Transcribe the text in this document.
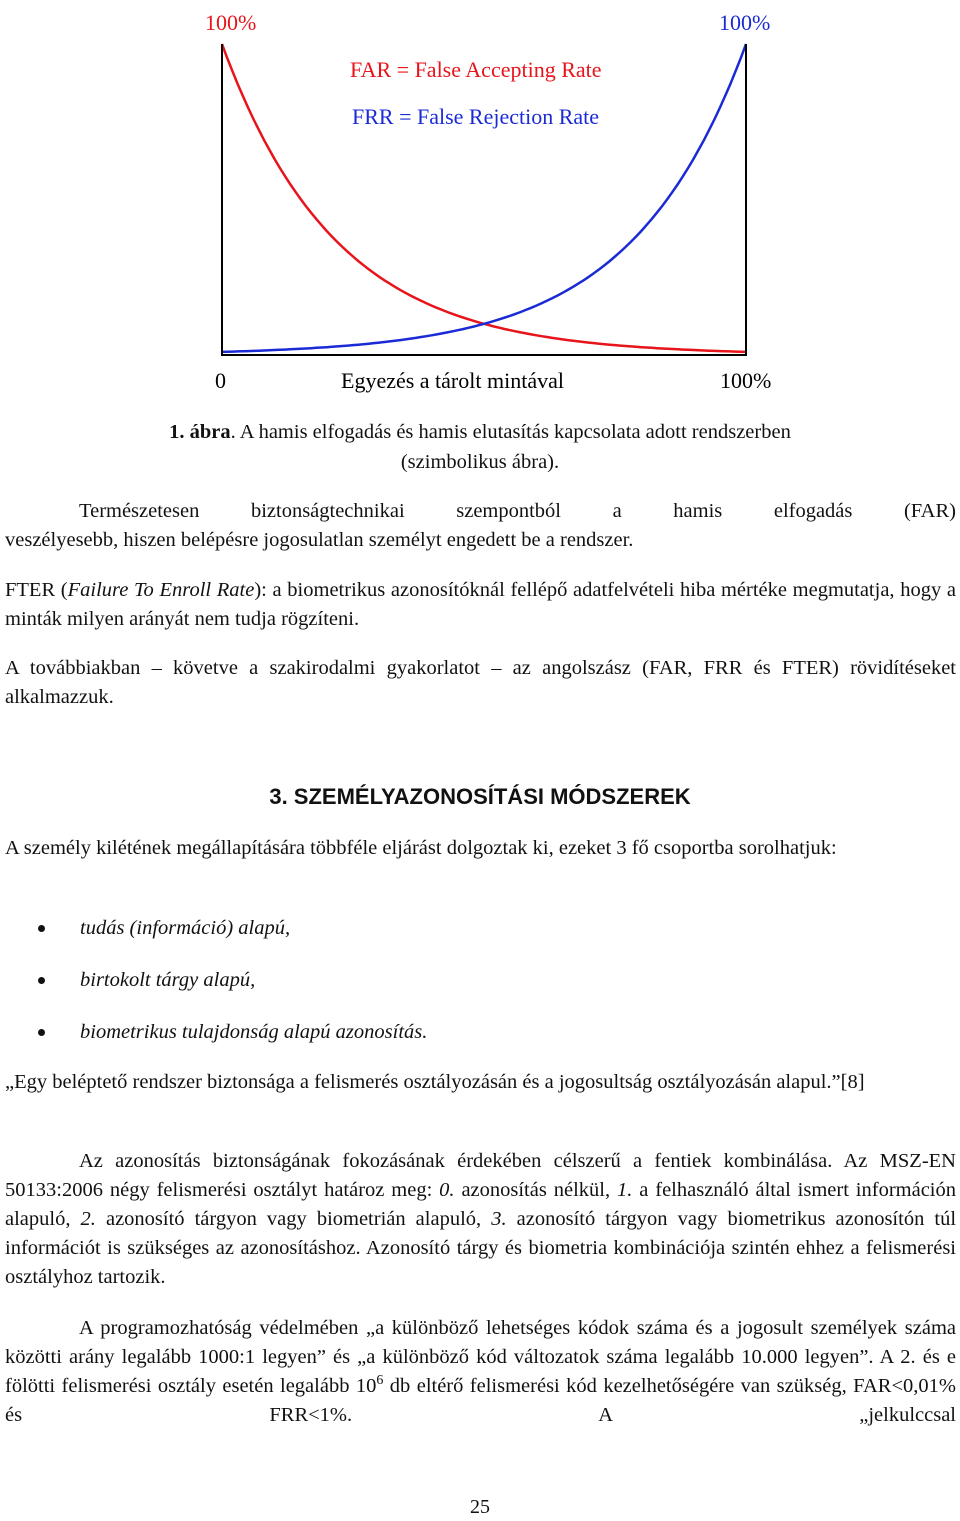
100%	100%
FAR = False Accepting Rate
FRR = False Rejection Rate
0	Egyezés a tárolt mintával	100%
1. ábra. A hamis elfogadás és hamis elutasítás kapcsolata adott rendszerben
(szimbolikus ábra).
Természetesen biztonságtechnikai szempontból a hamis elfogadás (FAR)
veszélyesebb, hiszen belépésre jogosulatlan személyt engedett be a rendszer.
FTER (Failure To Enroll Rate): a biometrikus azonosítóknál fellépő adatfelvételi hiba mértéke megmutatja, hogy a minták milyen arányát nem tudja rögzíteni.
A továbbiakban – követve a szakirodalmi gyakorlatot – az angolszász (FAR, FRR és FTER) rövidítéseket alkalmazzuk.
3. SZEMÉLYAZONOSÍTÁSI MÓDSZEREK
A személy kilétének megállapítására többféle eljárást dolgoztak ki, ezeket 3 fő csoportba sorolhatjuk:
tudás (információ) alapú,
birtokolt tárgy alapú,
biometrikus tulajdonság alapú azonosítás.
„Egy beléptető rendszer biztonsága a felismerés osztályozásán és a jogosultság osztályozásán alapul.”[8]
Az azonosítás biztonságának fokozásának érdekében célszerű a fentiek kombinálása. Az MSZ-EN 50133:2006 négy felismerési osztályt határoz meg: 0. azonosítás nélkül, 1. a felhasználó által ismert információn alapuló, 2. azonosító tárgyon vagy biometrián alapuló, 3. azonosító tárgyon vagy biometrikus azonosítón túl információt is szükséges az azonosításhoz. Azonosító tárgy és biometria kombinációja szintén ehhez a felismerési osztályhoz tartozik.
A programozhatóság védelmében „a különböző lehetséges kódok száma és a jogosult személyek száma közötti arány legalább 1000:1 legyen” és „a különböző kód változatok száma legalább 10.000 legyen”. A 2. és e fölötti felismerési osztály esetén legalább $10^6$ db eltérő felismerési kód kezelhetőségére van szükség, FAR<0,01% és FRR<1%. A „jelkulccsal
25
